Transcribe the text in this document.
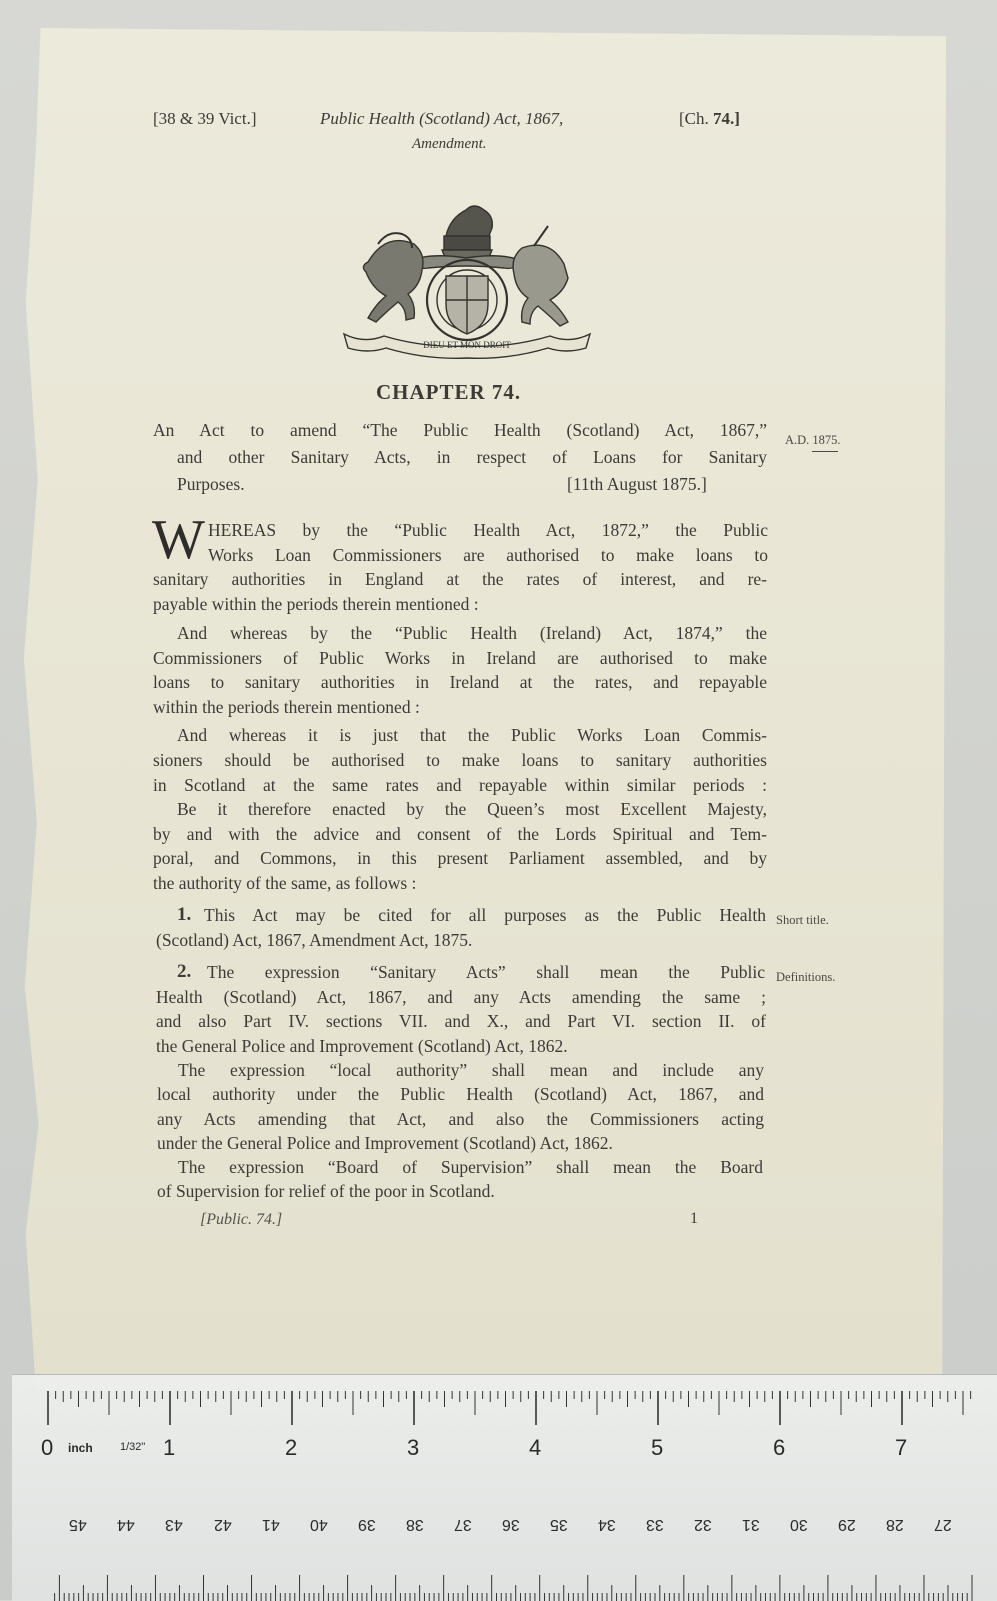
[38 & 39 Vict.]	Public Health (Scotland) Act, 1867,	[Ch. 74.]
Amendment.
DIEU ET MON DROIT
CHAPTER 74.
An Act to amend “The Public Health (Scotland) Act, 1867,”
and other Sanitary Acts, in respect of Loans for Sanitary
Purposes.	[11th August 1875.]
A.D. 1875.
W HEREAS by the “Public Health Act, 1872,” the Public
Works Loan Commissioners are authorised to make loans to
sanitary authorities in England at the rates of interest, and re-
payable within the periods therein mentioned :
And whereas by the “Public Health (Ireland) Act, 1874,” the
Commissioners of Public Works in Ireland are authorised to make
loans to sanitary authorities in Ireland at the rates, and repayable
within the periods therein mentioned :
And whereas it is just that the Public Works Loan Commis-
sioners should be authorised to make loans to sanitary authorities
in Scotland at the same rates and repayable within similar periods :
Be it therefore enacted by the Queen’s most Excellent Majesty,
by and with the advice and consent of the Lords Spiritual and Tem-
poral, and Commons, in this present Parliament assembled, and by
the authority of the same, as follows :
1. This Act may be cited for all purposes as the Public Health
(Scotland) Act, 1867, Amendment Act, 1875.
Short title.
2. The expression “Sanitary Acts” shall mean the Public
Health (Scotland) Act, 1867, and any Acts amending the same ;
and also Part IV. sections VII. and X., and Part VI. section II. of
the General Police and Improvement (Scotland) Act, 1862.
Definitions.
The expression “local authority” shall mean and include any
local authority under the Public Health (Scotland) Act, 1867, and
any Acts amending that Act, and also the Commissioners acting
under the General Police and Improvement (Scotland) Act, 1862.
The expression “Board of Supervision” shall mean the Board
of Supervision for relief of the poor in Scotland.
[Public. 74.]	1
inch 1/32"
0	1	2	3	4	5	6	7
27
28
29
30
31
32
33
34
35
36
37
38
39
40
41
42
43
44
45
